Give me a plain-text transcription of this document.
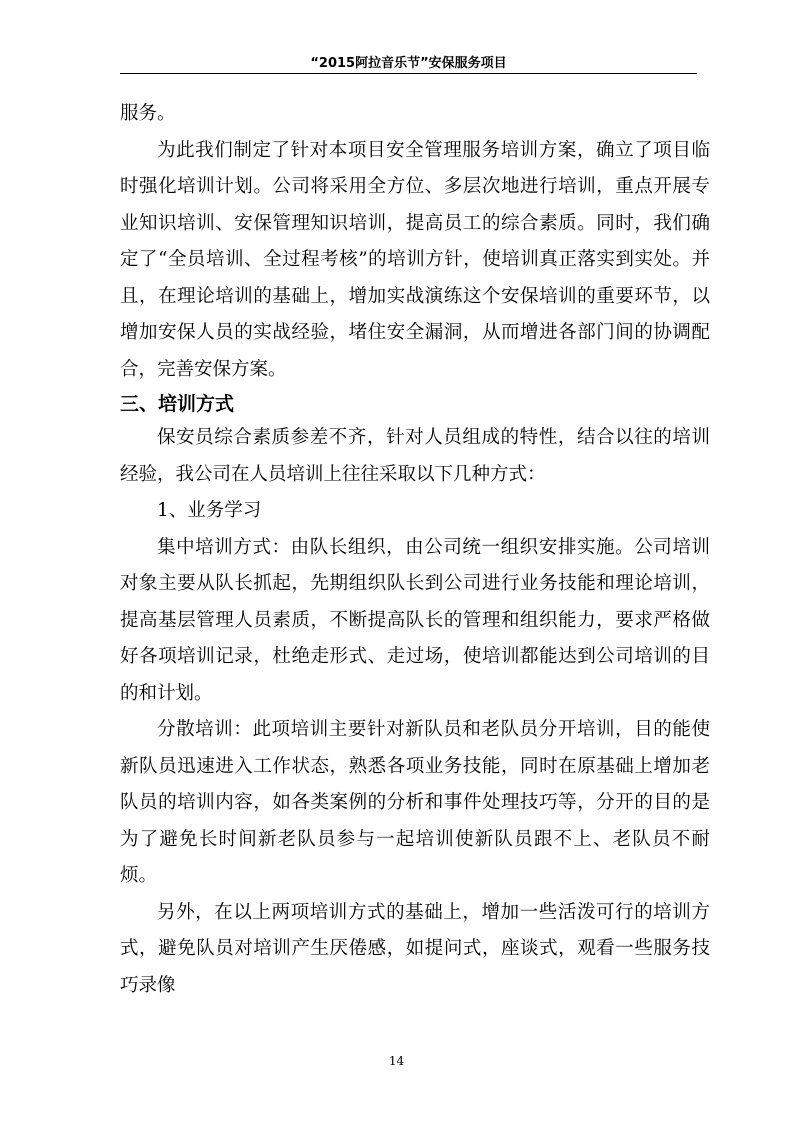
“2015阿拉音乐节”安保服务项目

服务。

为此我们制定了针对本项目安全管理服务培训方案，确立了项目临时强化培训计划。公司将采用全方位、多层次地进行培训，重点开展专业知识培训、安保管理知识培训，提高员工的综合素质。同时，我们确定了“全员培训、全过程考核”的培训方针，使培训真正落实到实处。并且，在理论培训的基础上，增加实战演练这个安保培训的重要环节，以增加安保人员的实战经验，堵住安全漏洞，从而增进各部门间的协调配合，完善安保方案。

三、培训方式

保安员综合素质参差不齐，针对人员组成的特性，结合以往的培训经验，我公司在人员培训上往往采取以下几种方式：

1、业务学习

集中培训方式：由队长组织，由公司统一组织安排实施。公司培训对象主要从队长抓起，先期组织队长到公司进行业务技能和理论培训，提高基层管理人员素质，不断提高队长的管理和组织能力，要求严格做好各项培训记录，杜绝走形式、走过场，使培训都能达到公司培训的目的和计划。

分散培训：此项培训主要针对新队员和老队员分开培训，目的能使新队员迅速进入工作状态，熟悉各项业务技能，同时在原基础上增加老队员的培训内容，如各类案例的分析和事件处理技巧等，分开的目的是为了避免长时间新老队员参与一起培训使新队员跟不上、老队员不耐烦。

另外，在以上两项培训方式的基础上，增加一些活泼可行的培训方式，避免队员对培训产生厌倦感，如提问式，座谈式，观看一些服务技巧录像

14
